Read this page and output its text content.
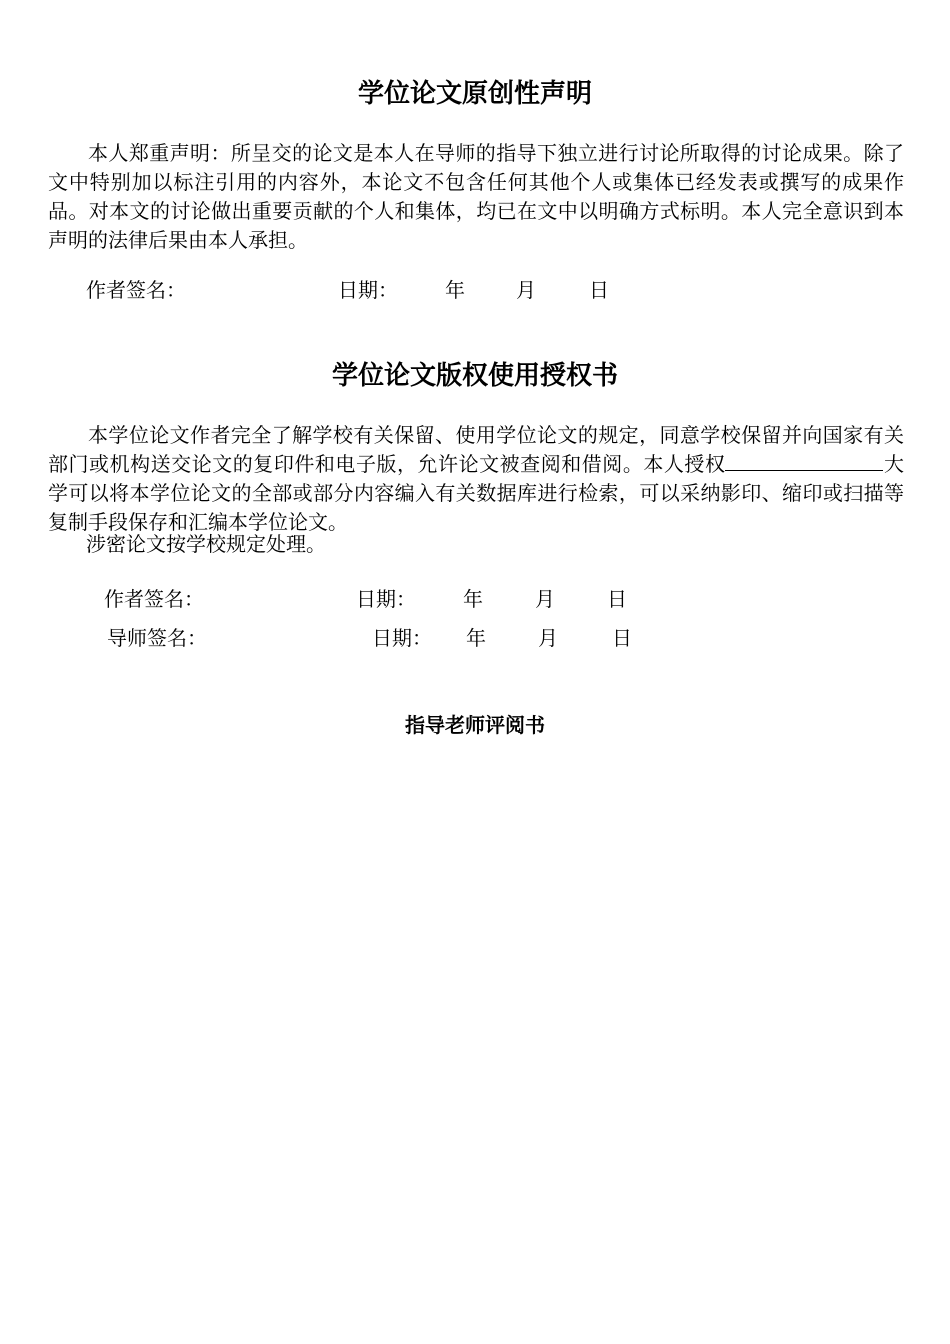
学位论文原创性声明

本人郑重声明：所呈交的论文是本人在导师的指导下独立进行讨论所取得的讨论成果。除了文中特别加以标注引用的内容外，本论文不包含任何其他个人或集体已经发表或撰写的成果作品。对本文的讨论做出重要贡献的个人和集体，均已在文中以明确方式标明。本人完全意识到本声明的法律后果由本人承担。

作者签名：	日期： 年	月	日
学位论文版权使用授权书

本学位论文作者完全了解学校有关保留、使用学位论文的规定，同意学校保留并向国家有关部门或机构送交论文的复印件和电子版，允许论文被查阅和借阅。本人授权	大学可以将本学位论文的全部或部分内容编入有关数据库进行检索，可以采纳影印、缩印或扫描等复制手段保存和汇编本学位论文。

涉密论文按学校规定处理。
作者签名：	日期： 年	月	日
导师签名：	日期： 年	月	日
指导老师评阅书
